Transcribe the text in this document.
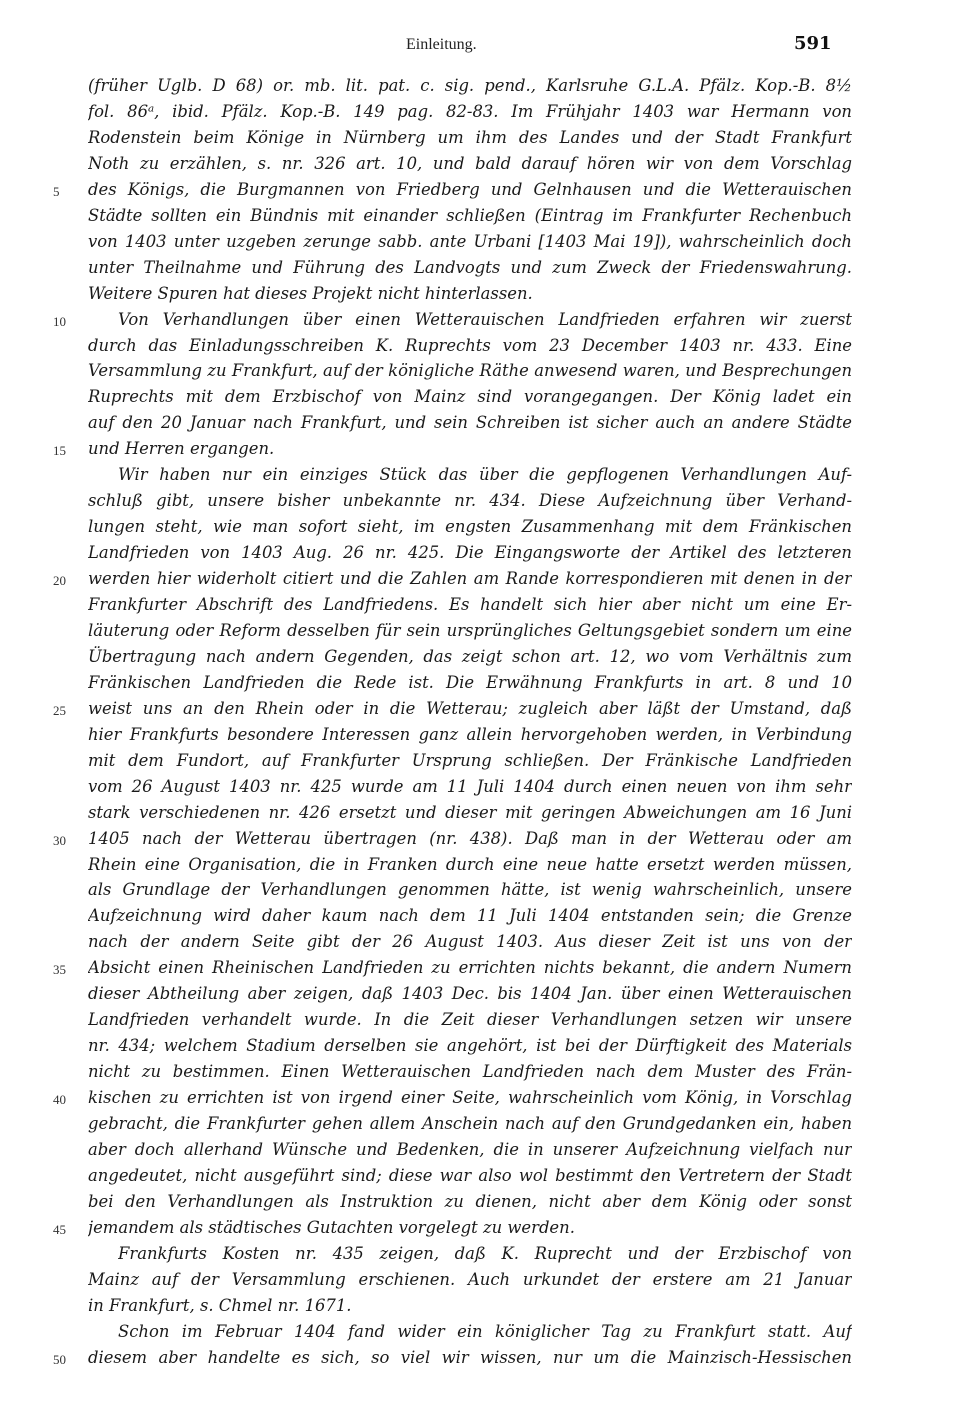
Einleitung.	591
(früher Uglb. D 68) or. mb. lit. pat. c. sig. pend., Karlsruhe G.L.A. Pfälz. Kop.-B. 8½
fol. 86ᵃ, ibid. Pfälz. Kop.-B. 149 pag. 82-83. Im Frühjahr 1403 war Hermann von
Rodenstein beim Könige in Nürnberg um ihm des Landes und der Stadt Frankfurt
Noth zu erzählen, s. nr. 326 art. 10, und bald darauf hören wir von dem Vorschlag
des Königs, die Burgmannen von Friedberg und Gelnhausen und die Wetterauischen
Städte sollten ein Bündnis mit einander schließen (Eintrag im Frankfurter Rechenbuch
von 1403 unter uzgeben zerunge sabb. ante Urbani [1403 Mai 19]), wahrscheinlich doch
unter Theilnahme und Führung des Landvogts und zum Zweck der Friedenswahrung.
Weitere Spuren hat dieses Projekt nicht hinterlassen.
Von Verhandlungen über einen Wetterauischen Landfrieden erfahren wir zuerst
durch das Einladungsschreiben K. Ruprechts vom 23 December 1403 nr. 433. Eine
Versammlung zu Frankfurt, auf der königliche Räthe anwesend waren, und Besprechungen
Ruprechts mit dem Erzbischof von Mainz sind vorangegangen. Der König ladet ein
auf den 20 Januar nach Frankfurt, und sein Schreiben ist sicher auch an andere Städte
und Herren ergangen.
Wir haben nur ein einziges Stück das über die gepflogenen Verhandlungen Auf-
schluß gibt, unsere bisher unbekannte nr. 434. Diese Aufzeichnung über Verhand-
lungen steht, wie man sofort sieht, im engsten Zusammenhang mit dem Fränkischen
Landfrieden von 1403 Aug. 26 nr. 425. Die Eingangsworte der Artikel des letzteren
werden hier widerholt citiert und die Zahlen am Rande korrespondieren mit denen in der
Frankfurter Abschrift des Landfriedens. Es handelt sich hier aber nicht um eine Er-
läuterung oder Reform desselben für sein ursprüngliches Geltungsgebiet sondern um eine
Übertragung nach andern Gegenden, das zeigt schon art. 12, wo vom Verhältnis zum
Fränkischen Landfrieden die Rede ist. Die Erwähnung Frankfurts in art. 8 und 10
weist uns an den Rhein oder in die Wetterau; zugleich aber läßt der Umstand, daß
hier Frankfurts besondere Interessen ganz allein hervorgehoben werden, in Verbindung
mit dem Fundort, auf Frankfurter Ursprung schließen. Der Fränkische Landfrieden
vom 26 August 1403 nr. 425 wurde am 11 Juli 1404 durch einen neuen von ihm sehr
stark verschiedenen nr. 426 ersetzt und dieser mit geringen Abweichungen am 16 Juni
1405 nach der Wetterau übertragen (nr. 438). Daß man in der Wetterau oder am
Rhein eine Organisation, die in Franken durch eine neue hatte ersetzt werden müssen,
als Grundlage der Verhandlungen genommen hätte, ist wenig wahrscheinlich, unsere
Aufzeichnung wird daher kaum nach dem 11 Juli 1404 entstanden sein; die Grenze
nach der andern Seite gibt der 26 August 1403. Aus dieser Zeit ist uns von der
Absicht einen Rheinischen Landfrieden zu errichten nichts bekannt, die andern Numern
dieser Abtheilung aber zeigen, daß 1403 Dec. bis 1404 Jan. über einen Wetterauischen
Landfrieden verhandelt wurde. In die Zeit dieser Verhandlungen setzen wir unsere
nr. 434; welchem Stadium derselben sie angehört, ist bei der Dürftigkeit des Materials
nicht zu bestimmen. Einen Wetterauischen Landfrieden nach dem Muster des Frän-
kischen zu errichten ist von irgend einer Seite, wahrscheinlich vom König, in Vorschlag
gebracht, die Frankfurter gehen allem Anschein nach auf den Grundgedanken ein, haben
aber doch allerhand Wünsche und Bedenken, die in unserer Aufzeichnung vielfach nur
angedeutet, nicht ausgeführt sind; diese war also wol bestimmt den Vertretern der Stadt
bei den Verhandlungen als Instruktion zu dienen, nicht aber dem König oder sonst
jemandem als städtisches Gutachten vorgelegt zu werden.
Frankfurts Kosten nr. 435 zeigen, daß K. Ruprecht und der Erzbischof von
Mainz auf der Versammlung erschienen. Auch urkundet der erstere am 21 Januar
in Frankfurt, s. Chmel nr. 1671.
Schon im Februar 1404 fand wider ein königlicher Tag zu Frankfurt statt. Auf
diesem aber handelte es sich, so viel wir wissen, nur um die Mainzisch-Hessischen
5
10
15
20
25
30
35
40
45
50
